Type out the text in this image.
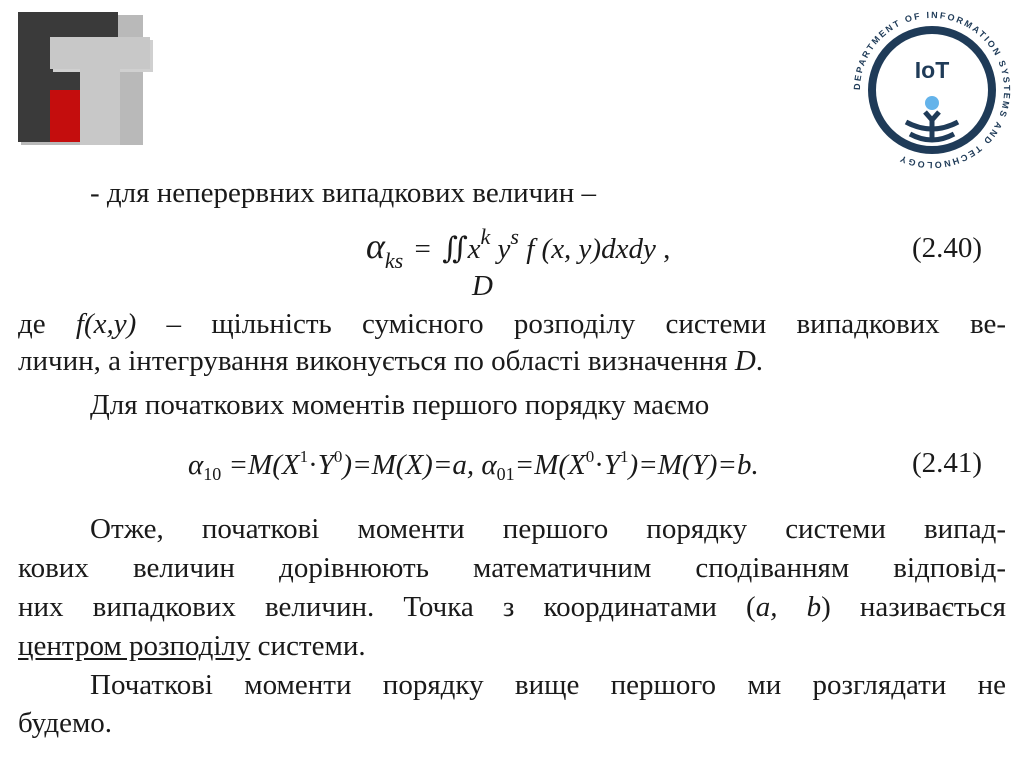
DEPARTMENT OF INFORMATION SYSTEMS AND TECHNOLOGY
IoT
- для неперервних випадкових величин –
$\alpha_{ks}$ = $∬x^k$ $y^s$ f (x, y)dxdy ,
D
(2.40)
де f(x,y) – щільність сумісного розподілу системи випадкових ве-
личин, а інтегрування виконується по області визначення D.
Для початкових моментів першого порядку маємо
$\alpha_{10} =M(X^1\cdot Y^0)=M(X)=a$, $\alpha_{01}=M(X^0\cdot Y^1)=M(Y)=b$.	(2.41)
Отже, початкові моменти першого порядку системи випад-
кових величин дорівнюють математичним сподіванням відповід-
них випадкових величин. Точка з координатами (a, b) називається
центром розподілу системи.
Початкові моменти порядку вище першого ми розглядати не
будемо.
